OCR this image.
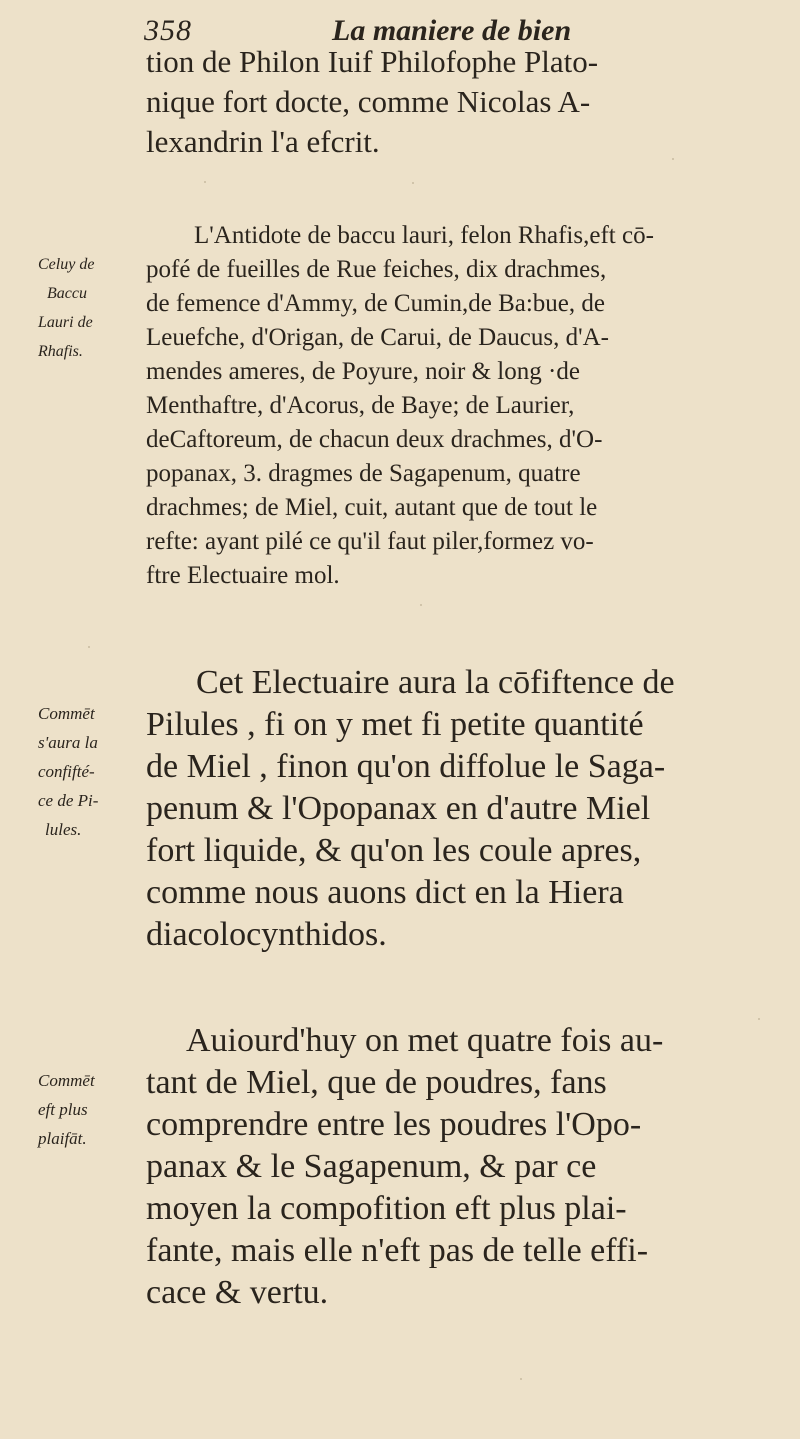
358	La maniere de bien
tion de Philon Iuif Philofophe Plato-
nique fort docte, comme Nicolas A-
lexandrin l'a efcrit.
L'Antidote de baccu lauri, felon Rhafis,eft cō-
pofé de fueilles de Rue feiches, dix drachmes,
de femence d'Ammy, de Cumin,de Ba:bue, de
Leuefche, d'Origan, de Carui, de Daucus, d'A-
mendes ameres, de Poyure, noir & long ·de
Menthaftre, d'Acorus, de Baye; de Laurier,
deCaftoreum, de chacun deux drachmes, d'O-
popanax, 3. dragmes de Sagapenum, quatre
drachmes; de Miel, cuit, autant que de tout le
refte: ayant pilé ce qu'il faut piler,formez vo-
ftre Electuaire mol.
Cet Electuaire aura la cōfiftence de
Pilules , fi on y met fi petite quantité
de Miel , finon qu'on diffolue le Saga-
penum & l'Opopanax en d'autre Miel
fort liquide, & qu'on les coule apres,
comme nous auons dict en la Hiera
diacolocynthidos.
Auiourd'huy on met quatre fois au-
tant de Miel, que de poudres, fans
comprendre entre les poudres l'Opo-
panax & le Sagapenum, & par ce
moyen la compofition eft plus plai-
fante, mais elle n'eft pas de telle effi-
cace & vertu.
Celuy de
Baccu
Lauri de
Rhafis.
Commēt
s'aura la
confifté-
ce de Pi-
lules.
Commēt
eft plus
plaifāt.
